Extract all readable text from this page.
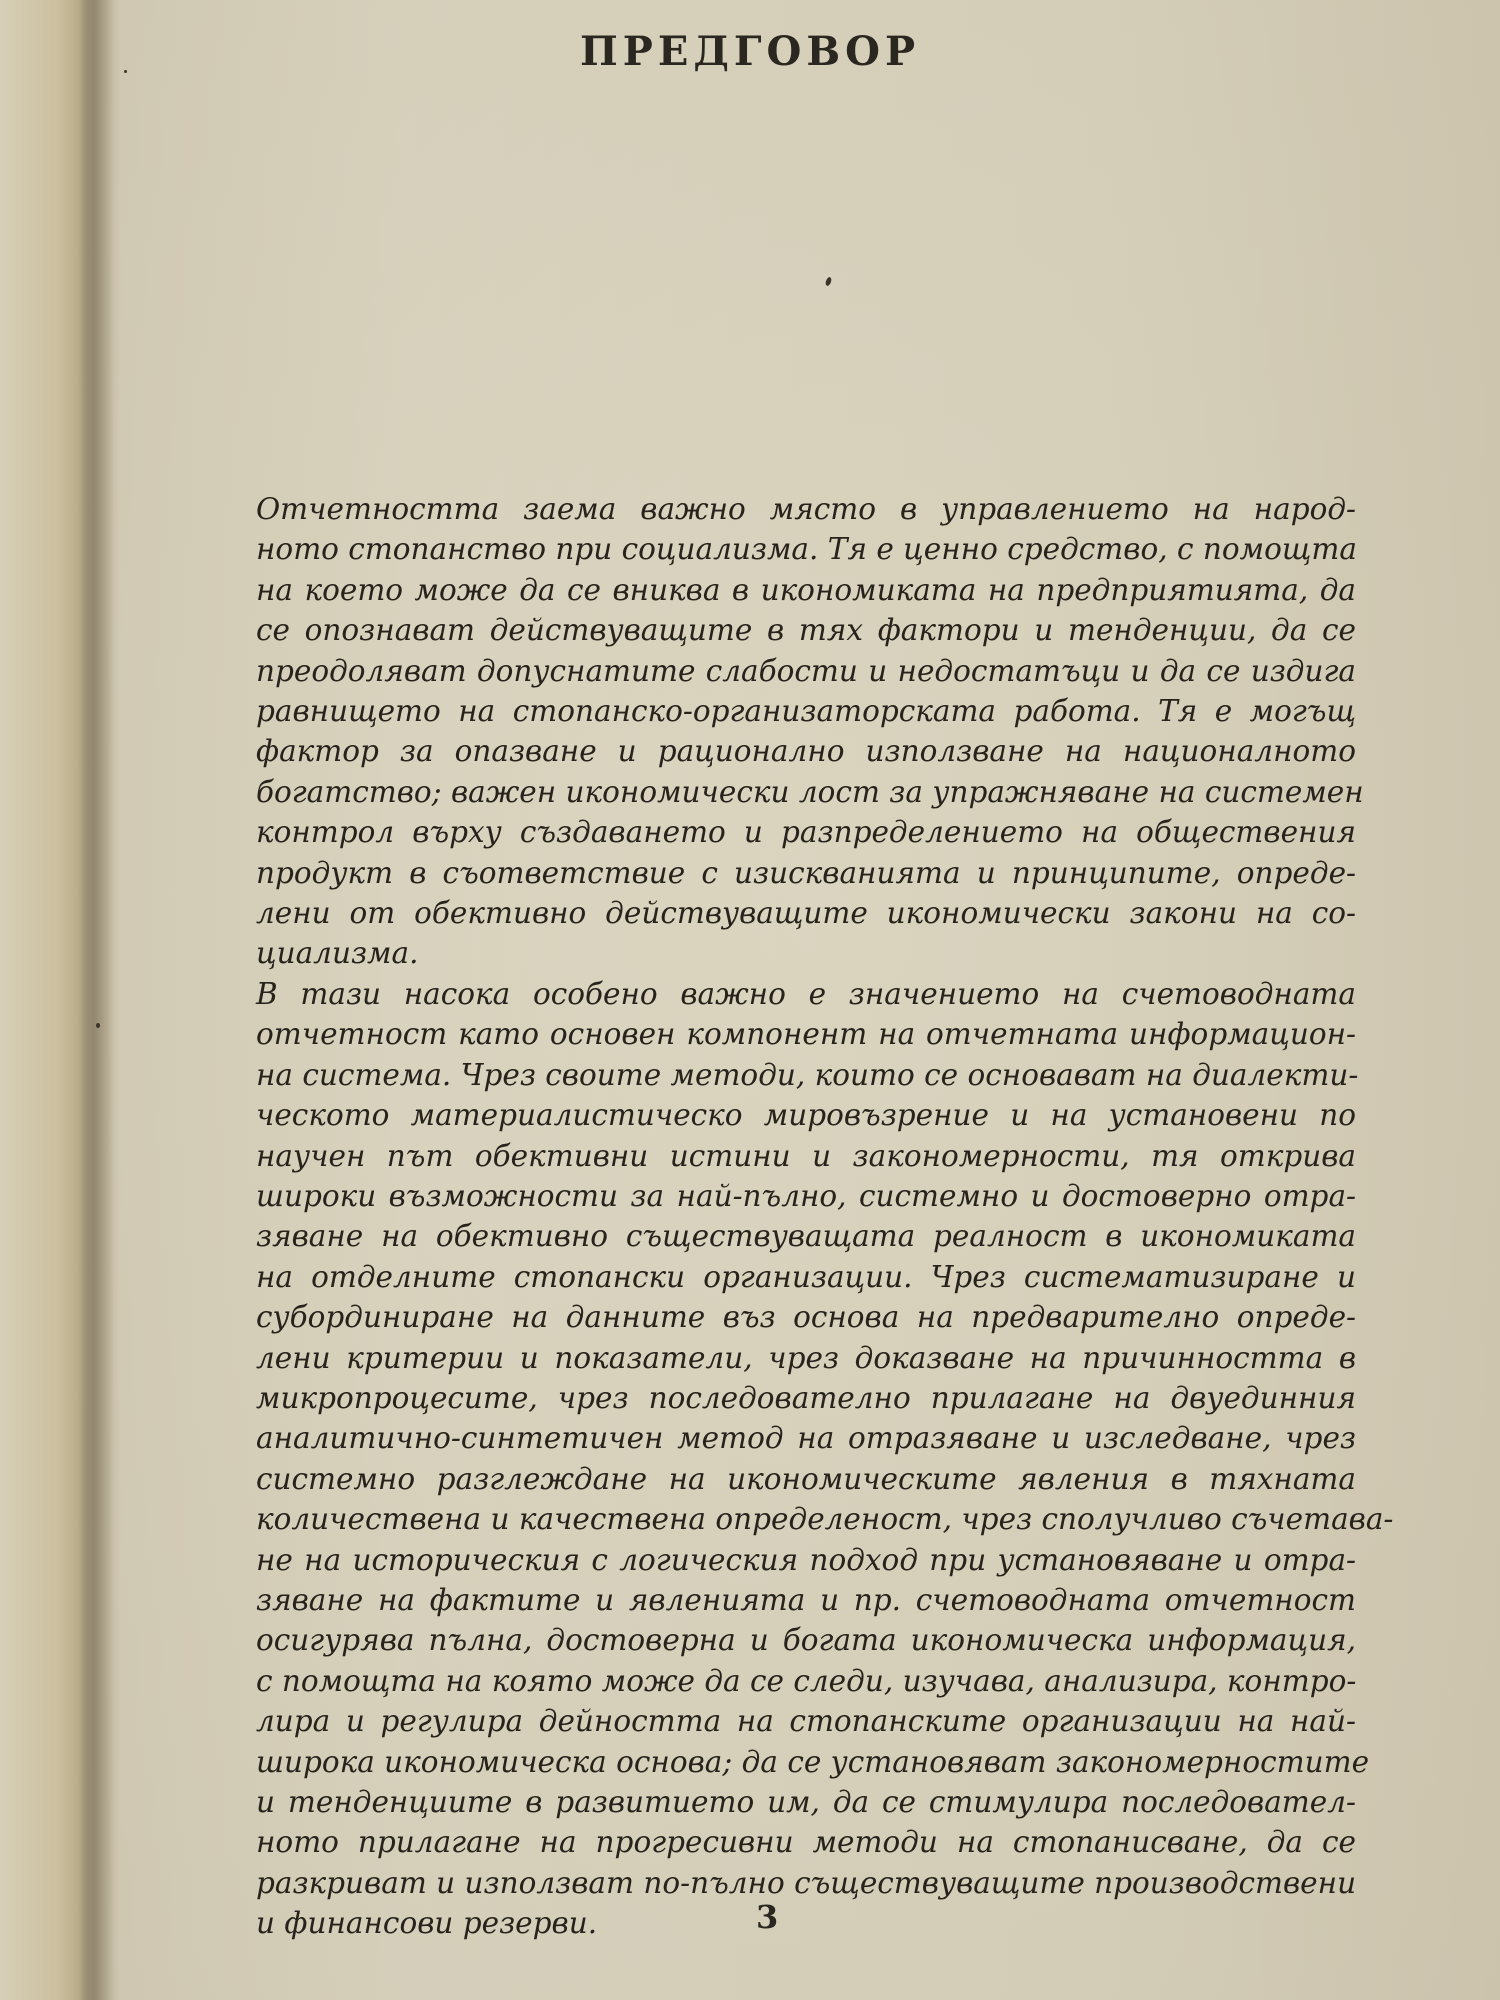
ПРЕДГОВОР

Отчетността заема важно място в управлението на народ-
ното стопанство при социализма. Тя е ценно средство, с помощта
на което може да се вниква в икономиката на предприятията, да
се опознават действуващите в тях фактори и тенденции, да се
преодоляват допуснатите слабости и недостатъци и да се издига
равнището на стопанско-организаторската работа. Тя е могъщ
фактор за опазване и рационално използване на националното
богатство; важен икономически лост за упражняване на системен
контрол върху създаването и разпределението на обществения
продукт в съответствие с изискванията и принципите, опреде-
лени от обективно действуващите икономически закони на со-
циализма.

В тази насока особено важно е значението на счетоводната
отчетност като основен компонент на отчетната информацион-
на система. Чрез своите методи, които се основават на диалекти-
ческото материалистическо мировъзрение и на установени по
научен път обективни истини и закономерности, тя открива
широки възможности за най-пълно, системно и достоверно отра-
зяване на обективно съществуващата реалност в икономиката
на отделните стопански организации. Чрез систематизиране и
субординиране на данните въз основа на предварително опреде-
лени критерии и показатели, чрез доказване на причинността в
микропроцесите, чрез последователно прилагане на двуединния
аналитично-синтетичен метод на отразяване и изследване, чрез
системно разглеждане на икономическите явления в тяхната
количествена и качествена определеност, чрез сполучливо съчетава-
не на историческия с логическия подход при установяване и отра-
зяване на фактите и явленията и пр. счетоводната отчетност
осигурява пълна, достоверна и богата икономическа информация,
с помощта на която може да се следи, изучава, анализира, контро-
лира и регулира дейността на стопанските организации на най-
широка икономическа основа; да се установяват закономерностите
и тенденциите в развитието им, да се стимулира последовател-
ното прилагане на прогресивни методи на стопанисване, да се
разкриват и използват по-пълно съществуващите производствени
и финансови резерви.	3
